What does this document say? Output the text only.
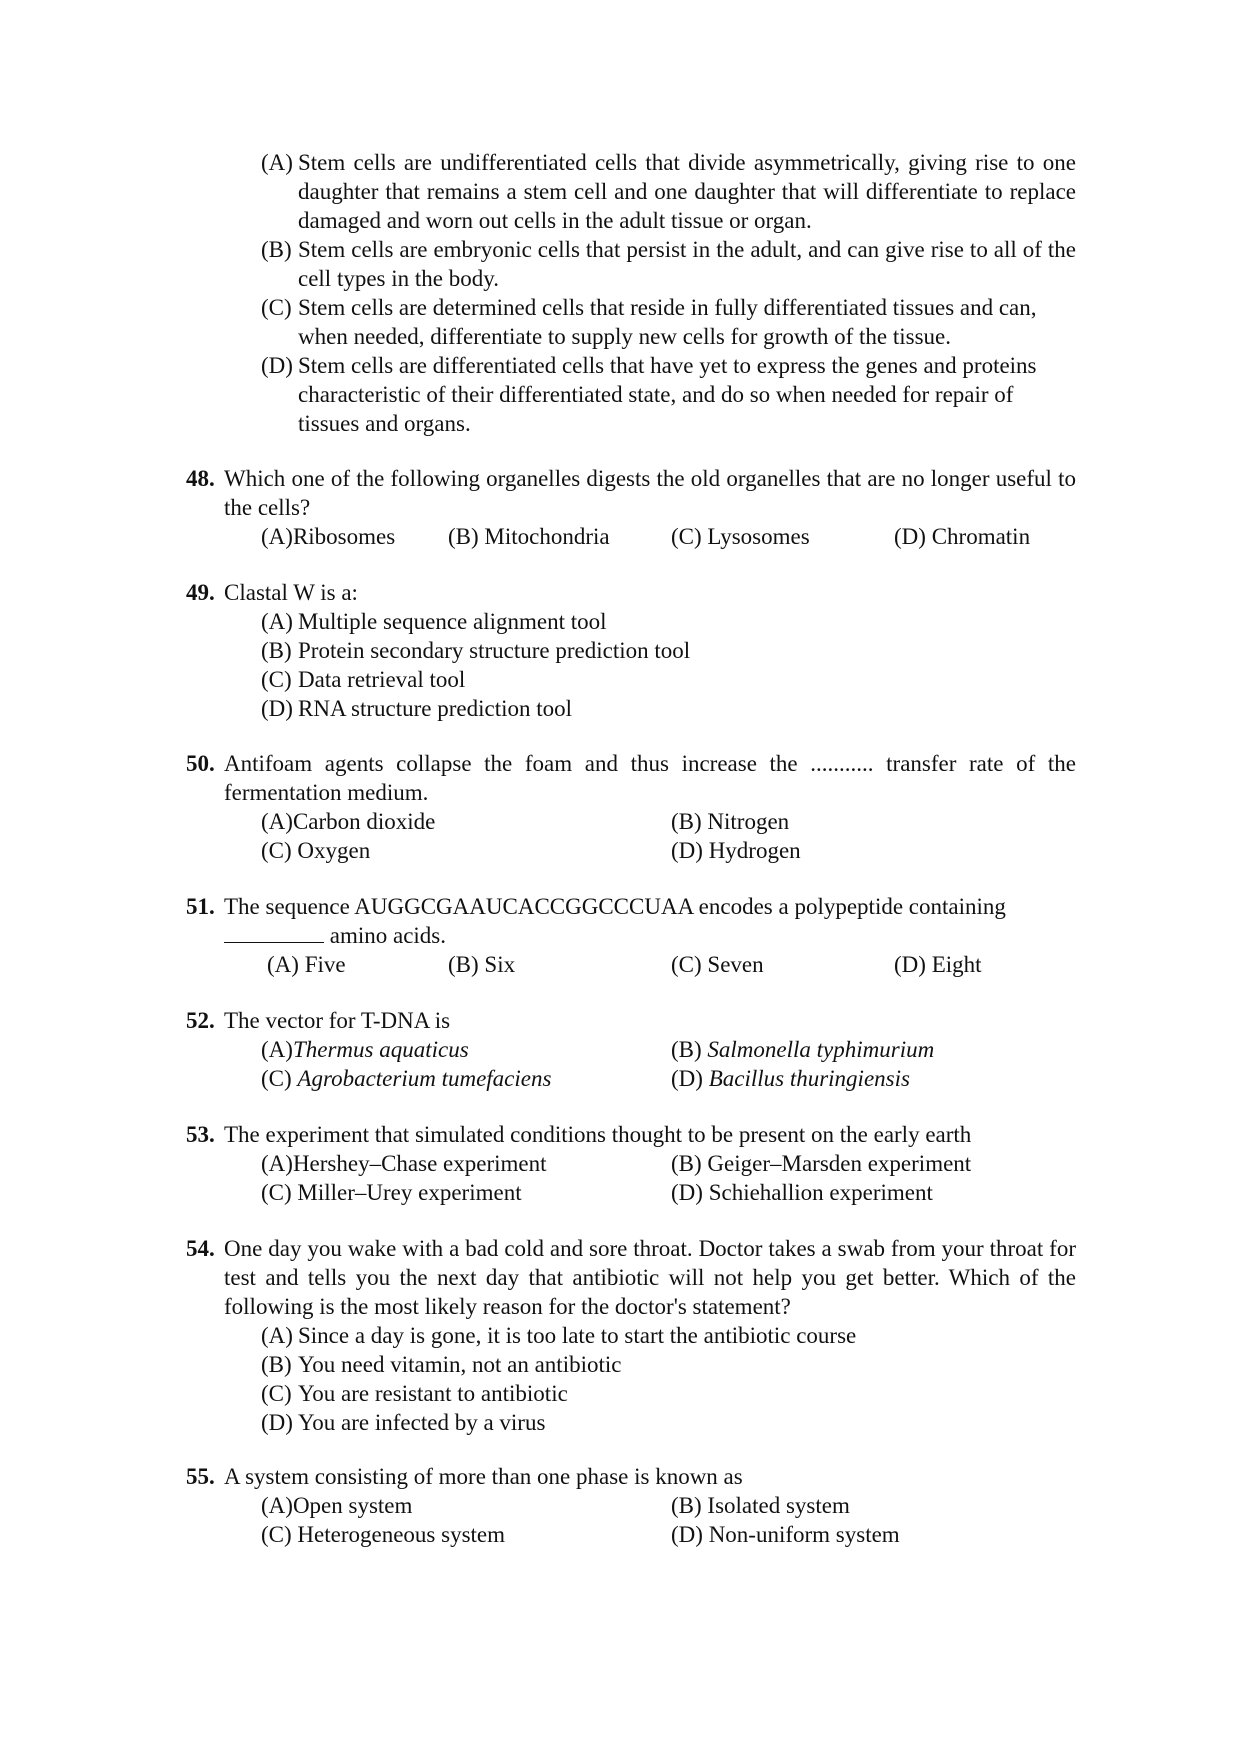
(A) Stem cells are undifferentiated cells that divide asymmetrically, giving rise to one daughter that remains a stem cell and one daughter that will differentiate to replace damaged and worn out cells in the adult tissue or organ.
(B) Stem cells are embryonic cells that persist in the adult, and can give rise to all of the cell types in the body.
(C) Stem cells are determined cells that reside in fully differentiated tissues and can, when needed, differentiate to supply new cells for growth of the tissue.
(D) Stem cells are differentiated cells that have yet to express the genes and proteins characteristic of their differentiated state, and do so when needed for repair of tissues and organs.
48. Which one of the following organelles digests the old organelles that are no longer useful to the cells?
(A)Ribosomes	(B) Mitochondria	(C) Lysosomes	(D) Chromatin
49. Clastal W is a:
(A) Multiple sequence alignment tool
(B) Protein secondary structure prediction tool
(C) Data retrieval tool
(D) RNA structure prediction tool
50. Antifoam agents collapse the foam and thus increase the ........... transfer rate of the fermentation medium.
(A)Carbon dioxide	(B) Nitrogen
(C) Oxygen	(D) Hydrogen
51. The sequence AUGGCGAAUCACCGGCCCUAA encodes a polypeptide containing
amino acids.
(A) Five	(B) Six	(C) Seven	(D) Eight
52. The vector for T-DNA is
(A)Thermus aquaticus	(B) Salmonella typhimurium
(C) Agrobacterium tumefaciens	(D) Bacillus thuringiensis
53. The experiment that simulated conditions thought to be present on the early earth
(A)Hershey–Chase experiment	(B) Geiger–Marsden experiment
(C) Miller–Urey experiment	(D) Schiehallion experiment
54. One day you wake with a bad cold and sore throat. Doctor takes a swab from your throat for test and tells you the next day that antibiotic will not help you get better. Which of the following is the most likely reason for the doctor's statement?
(A) Since a day is gone, it is too late to start the antibiotic course
(B) You need vitamin, not an antibiotic
(C) You are resistant to antibiotic
(D) You are infected by a virus
55. A system consisting of more than one phase is known as
(A)Open system	(B) Isolated system
(C) Heterogeneous system	(D) Non-uniform system
